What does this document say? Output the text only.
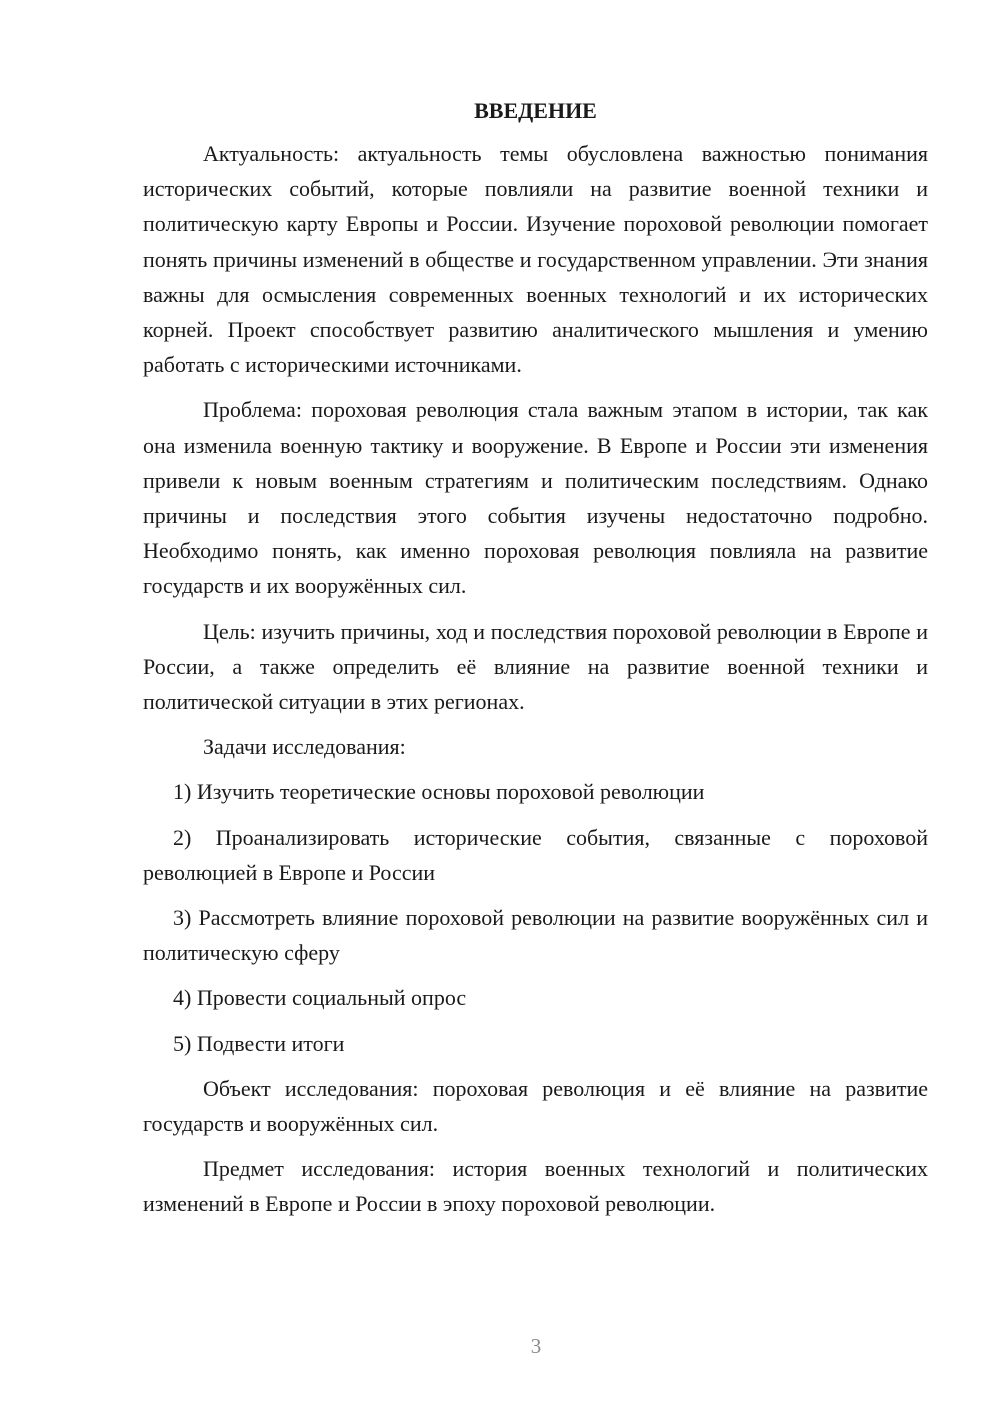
ВВЕДЕНИЕ

Актуальность: актуальность темы обусловлена важностью понимания исторических событий, которые повлияли на развитие военной техники и политическую карту Европы и России. Изучение пороховой революции помогает понять причины изменений в обществе и государственном управлении. Эти знания важны для осмысления современных военных технологий и их исторических корней. Проект способствует развитию аналитического мышления и умению работать с историческими источниками.

Проблема: пороховая революция стала важным этапом в истории, так как она изменила военную тактику и вооружение. В Европе и России эти изменения привели к новым военным стратегиям и политическим последствиям. Однако причины и последствия этого события изучены недостаточно подробно. Необходимо понять, как именно пороховая революция повлияла на развитие государств и их вооружённых сил.

Цель: изучить причины, ход и последствия пороховой революции в Европе и России, а также определить её влияние на развитие военной техники и политической ситуации в этих регионах.

Задачи исследования:

1) Изучить теоретические основы пороховой революции

2) Проанализировать исторические события, связанные с пороховой революцией в Европе и России

3) Рассмотреть влияние пороховой революции на развитие вооружённых сил и политическую сферу

4) Провести социальный опрос

5) Подвести итоги

Объект исследования: пороховая революция и её влияние на развитие государств и вооружённых сил.

Предмет исследования: история военных технологий и политических изменений в Европе и России в эпоху пороховой революции.

3
